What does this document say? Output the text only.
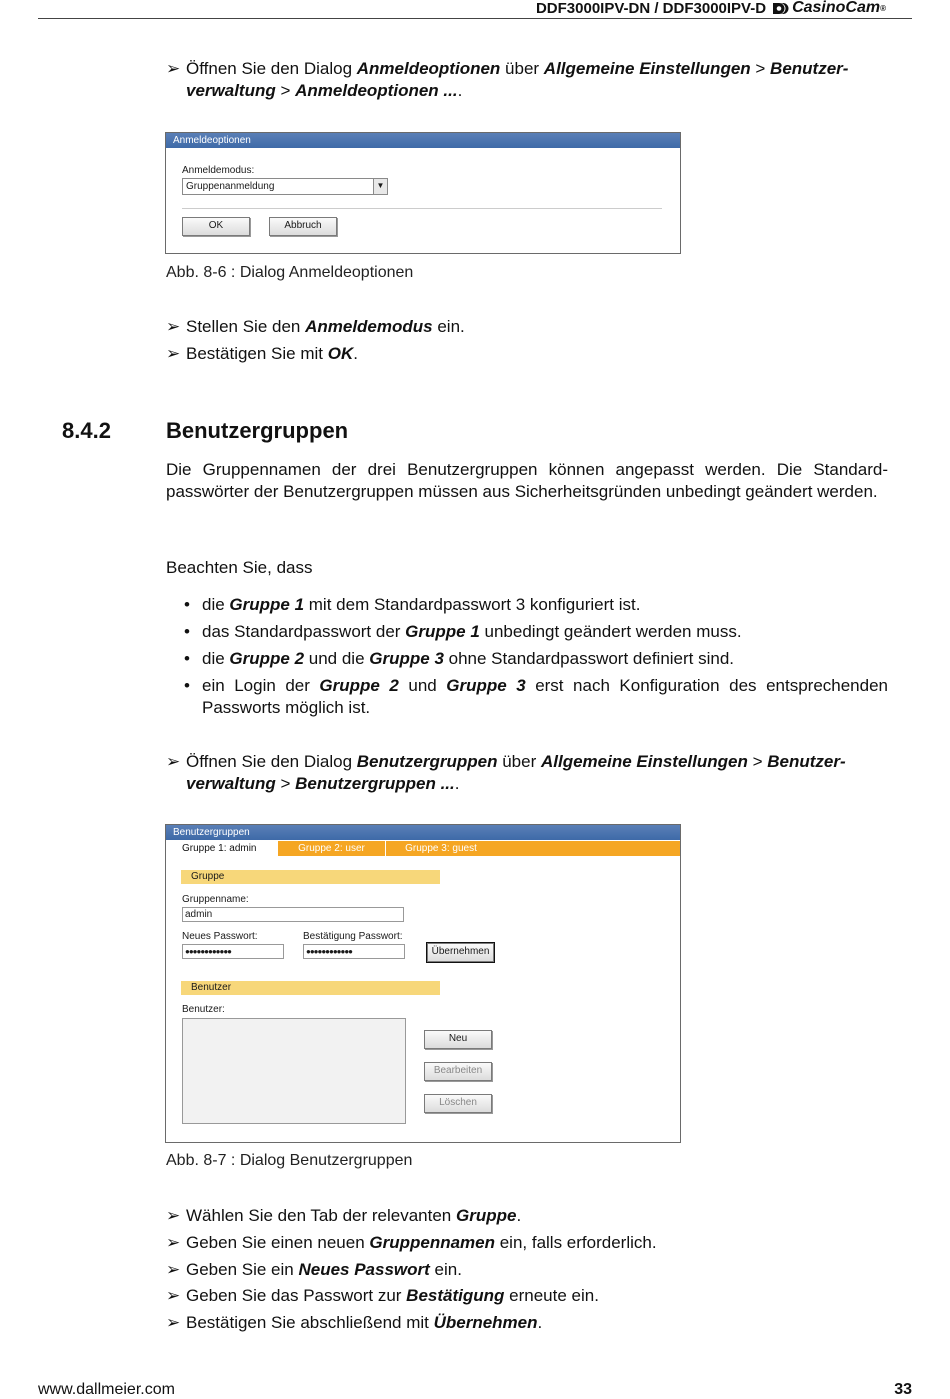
DDF3000IPV-DN / DDF3000IPV-D CasinoCam ®
➢ Öffnen Sie den Dialog Anmeldeoptionen über Allgemeine Einstellungen > Benutzer-
verwaltung > Anmeldeoptionen ....
Anmeldeoptionen
Anmeldemodus:
Gruppenanmeldung	▼
OK	Abbruch
Abb. 8-6 : Dialog Anmeldeoptionen
➢ Stellen Sie den Anmeldemodus ein.
➢ Bestätigen Sie mit OK.
8.4.2	Benutzergruppen
Die Gruppennamen der drei Benutzergruppen können angepasst werden. Die Standard-passwörter der Benutzergruppen müssen aus Sicherheitsgründen unbedingt geändert werden.
Beachten Sie, dass
• die Gruppe 1 mit dem Standardpasswort 3 konfiguriert ist.
• das Standardpasswort der Gruppe 1 unbedingt geändert werden muss.
• die Gruppe 2 und die Gruppe 3 ohne Standardpasswort definiert sind.
• ein Login der Gruppe 2 und Gruppe 3 erst nach Konfiguration des entsprechenden Passworts möglich ist.
➢ Öffnen Sie den Dialog Benutzergruppen über Allgemeine Einstellungen > Benutzer-
verwaltung > Benutzergruppen ....
Benutzergruppen
Gruppe 1: admin	Gruppe 2: user	Gruppe 3: guest
Gruppe
Gruppenname:
admin
Neues Passwort:
●●●●●●●●●●●●
Bestätigung Passwort:
●●●●●●●●●●●●	Übernehmen
Benutzer
Benutzer:
Neu
Bearbeiten
Löschen
Abb. 8-7 : Dialog Benutzergruppen
➢ Wählen Sie den Tab der relevanten Gruppe.
➢ Geben Sie einen neuen Gruppennamen ein, falls erforderlich.
➢ Geben Sie ein Neues Passwort ein.
➢ Geben Sie das Passwort zur Bestätigung erneute ein.
➢ Bestätigen Sie abschließend mit Übernehmen.
www.dallmeier.com	33
